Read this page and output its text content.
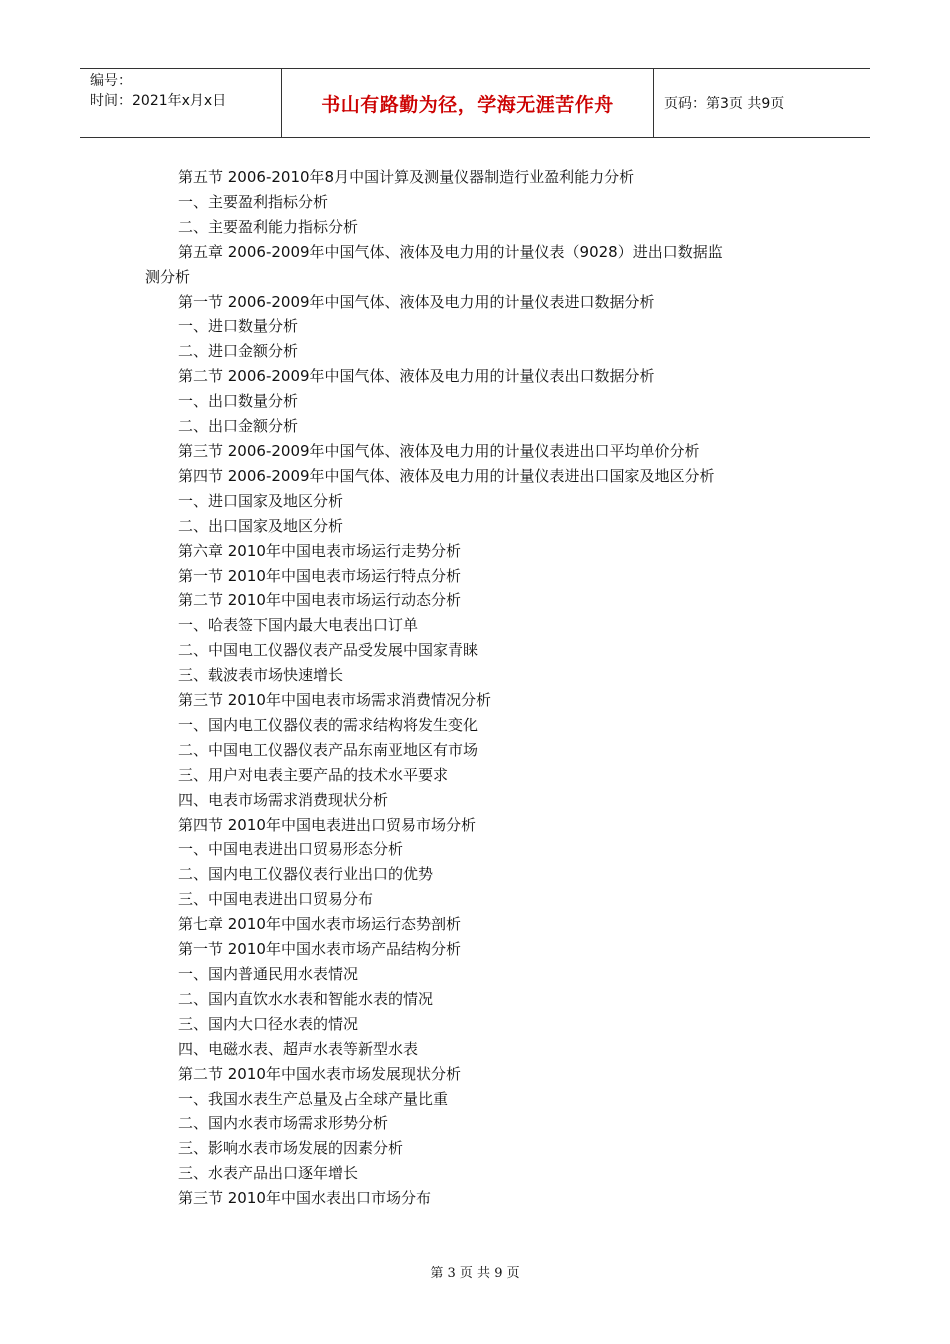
编号：
时间：2021年x月x日	书山有路勤为径，学海无涯苦作舟	页码：第3页 共9页
第五节 2006-2010年8月中国计算及测量仪器制造行业盈利能力分析
一、主要盈利指标分析
二、主要盈利能力指标分析
第五章 2006-2009年中国气体、液体及电力用的计量仪表（9028）进出口数据监
测分析
第一节 2006-2009年中国气体、液体及电力用的计量仪表进口数据分析
一、进口数量分析
二、进口金额分析
第二节 2006-2009年中国气体、液体及电力用的计量仪表出口数据分析
一、出口数量分析
二、出口金额分析
第三节 2006-2009年中国气体、液体及电力用的计量仪表进出口平均单价分析
第四节 2006-2009年中国气体、液体及电力用的计量仪表进出口国家及地区分析
一、进口国家及地区分析
二、出口国家及地区分析
第六章 2010年中国电表市场运行走势分析
第一节 2010年中国电表市场运行特点分析
第二节 2010年中国电表市场运行动态分析
一、哈表签下国内最大电表出口订单
二、中国电工仪器仪表产品受发展中国家青睐
三、载波表市场快速增长
第三节 2010年中国电表市场需求消费情况分析
一、国内电工仪器仪表的需求结构将发生变化
二、中国电工仪器仪表产品东南亚地区有市场
三、用户对电表主要产品的技术水平要求
四、电表市场需求消费现状分析
第四节 2010年中国电表进出口贸易市场分析
一、中国电表进出口贸易形态分析
二、国内电工仪器仪表行业出口的优势
三、中国电表进出口贸易分布
第七章 2010年中国水表市场运行态势剖析
第一节 2010年中国水表市场产品结构分析
一、国内普通民用水表情况
二、国内直饮水水表和智能水表的情况
三、国内大口径水表的情况
四、电磁水表、超声水表等新型水表
第二节 2010年中国水表市场发展现状分析
一、我国水表生产总量及占全球产量比重
二、国内水表市场需求形势分析
三、影响水表市场发展的因素分析
三、水表产品出口逐年增长
第三节 2010年中国水表出口市场分布
第 3 页 共 9 页
